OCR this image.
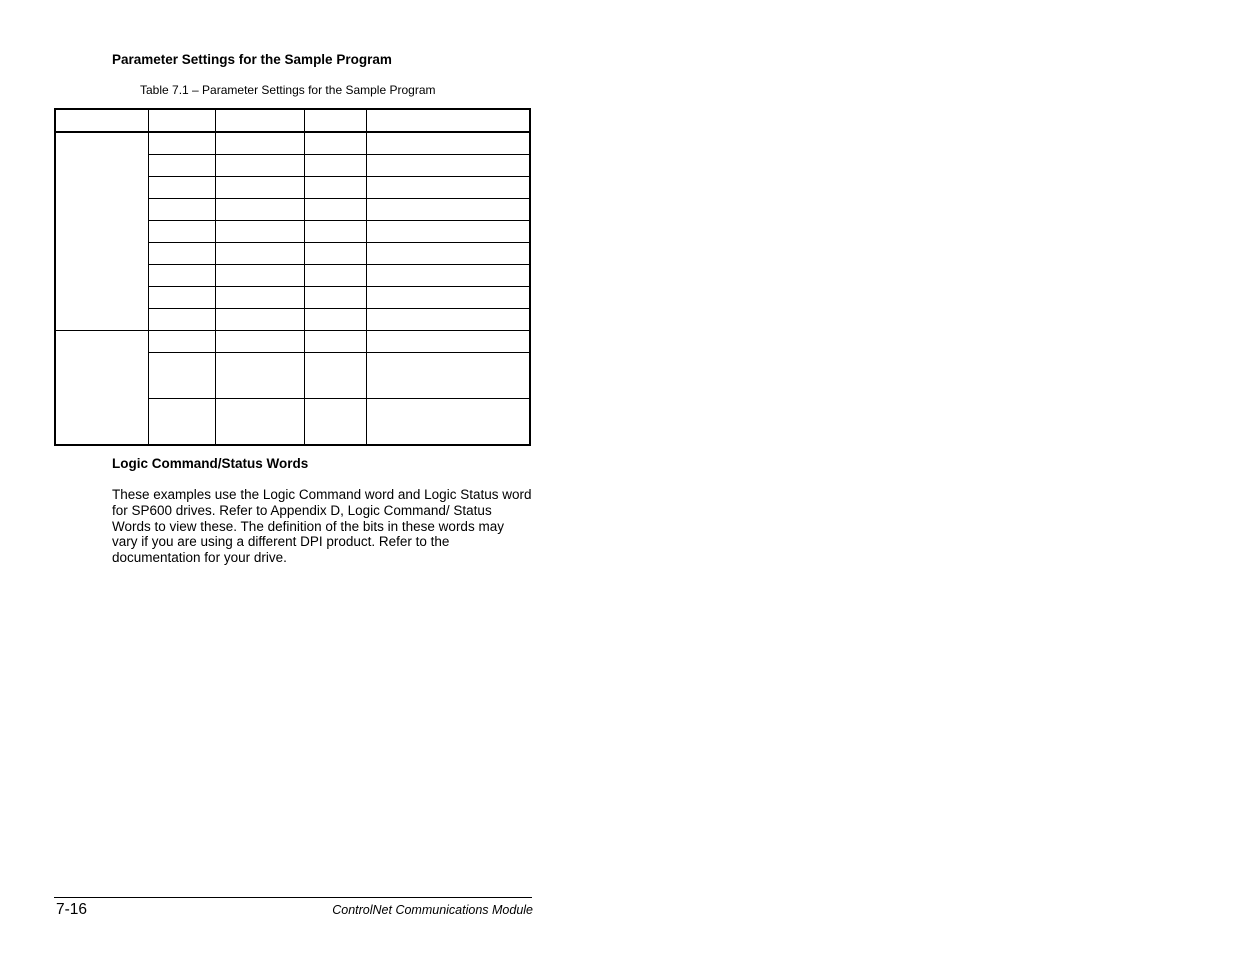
Parameter Settings for the Sample Program

Table 7.1 – Parameter Settings for the Sample Program

Logic Command/Status Words

These examples use the Logic Command word and Logic Status word for SP600 drives. Refer to Appendix D, Logic Command/ Status Words to view these. The definition of the bits in these words may vary if you are using a different DPI product. Refer to the documentation for your drive.

7-16	ControlNet Communications Module
